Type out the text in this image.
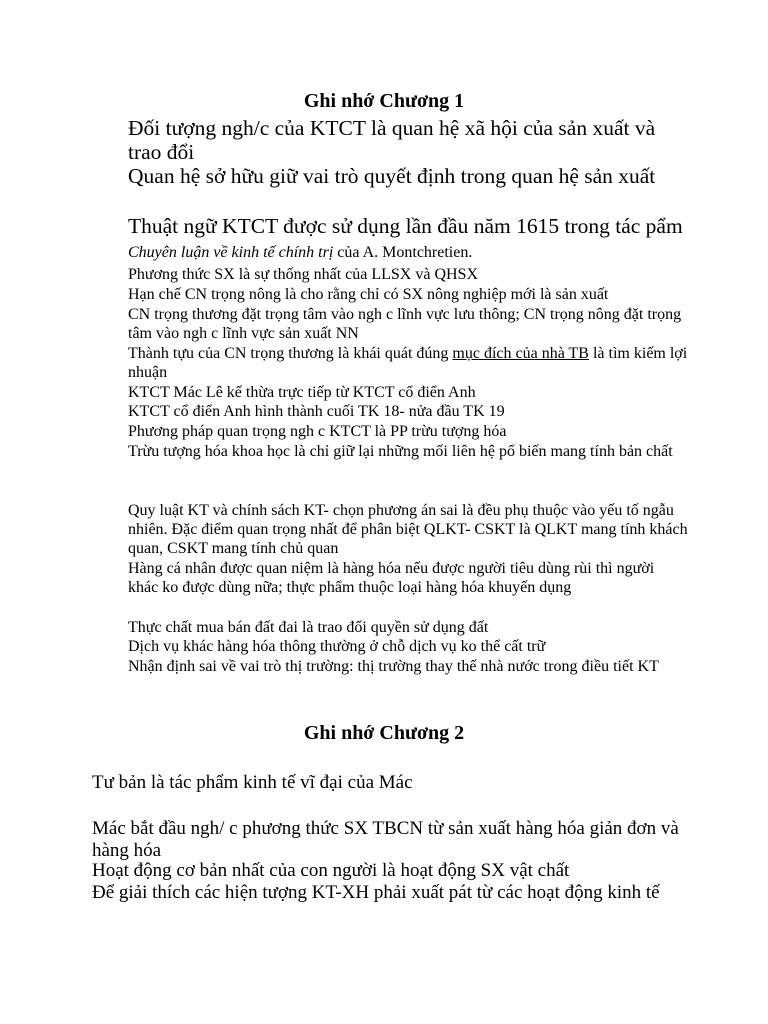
Ghi nhớ Chương 1

Đối tượng ngh/c của KTCT là quan hệ xã hội của sản xuất và trao đổi

Quan hệ sở hữu giữ vai trò quyết định trong quan hệ sản xuất

Thuật ngữ KTCT được sử dụng lần đầu năm 1615 trong tác pẩm Chuyên luận về kinh tế chính trị của A. Montchretien.

Phương thức SX là sự thống nhất của LLSX và QHSX

Hạn chế CN trọng nông là cho rằng chỉ có SX nông nghiệp mới là sản xuất

CN trọng thương đặt trọng tâm vào ngh c lĩnh vực lưu thông; CN trọng nông đặt trọng tâm vào ngh c lĩnh vực sản xuất NN

Thành tựu của CN trọng thương là khái quát đúng mục đích của nhà TB là tìm kiếm lợi nhuận

KTCT Mác Lê kế thừa trực tiếp từ KTCT cổ điển Anh

KTCT cổ điển Anh hình thành cuối TK 18- nửa đầu TK 19

Phương pháp quan trọng ngh c KTCT là PP trừu tượng hóa

Trừu tượng hóa khoa học là chỉ giữ lại những mối liên hệ pổ biến mang tính bản chất

Quy luật KT và chính sách KT- chọn phương án sai là đều phụ thuộc vào yếu tố ngẫu nhiên. Đặc điểm quan trọng nhất để phân biệt QLKT- CSKT là QLKT mang tính khách quan, CSKT mang tính chủ quan

Hàng cá nhân được quan niệm là hàng hóa nếu được người tiêu dùng rùi thì người khác ko được dùng nữa; thực phẩm thuộc loại hàng hóa khuyến dụng

Thực chất mua bán đất đai là trao đổi quyền sử dụng đất

Dịch vụ khác hàng hóa thông thường ở chỗ dịch vụ ko thể cất trữ

Nhận định sai về vai trò thị trường: thị trường thay thế nhà nước trong điều tiết KT

Ghi nhớ Chương 2

Tư bản là tác phẩm kinh tế vĩ đại của Mác

Mác bắt đầu ngh/ c phương thức SX TBCN từ sản xuất hàng hóa giản đơn và hàng hóa

Hoạt động cơ bản nhất của con người là hoạt động SX vật chất

Để giải thích các hiện tượng KT-XH phải xuất pát từ các hoạt động kinh tế
